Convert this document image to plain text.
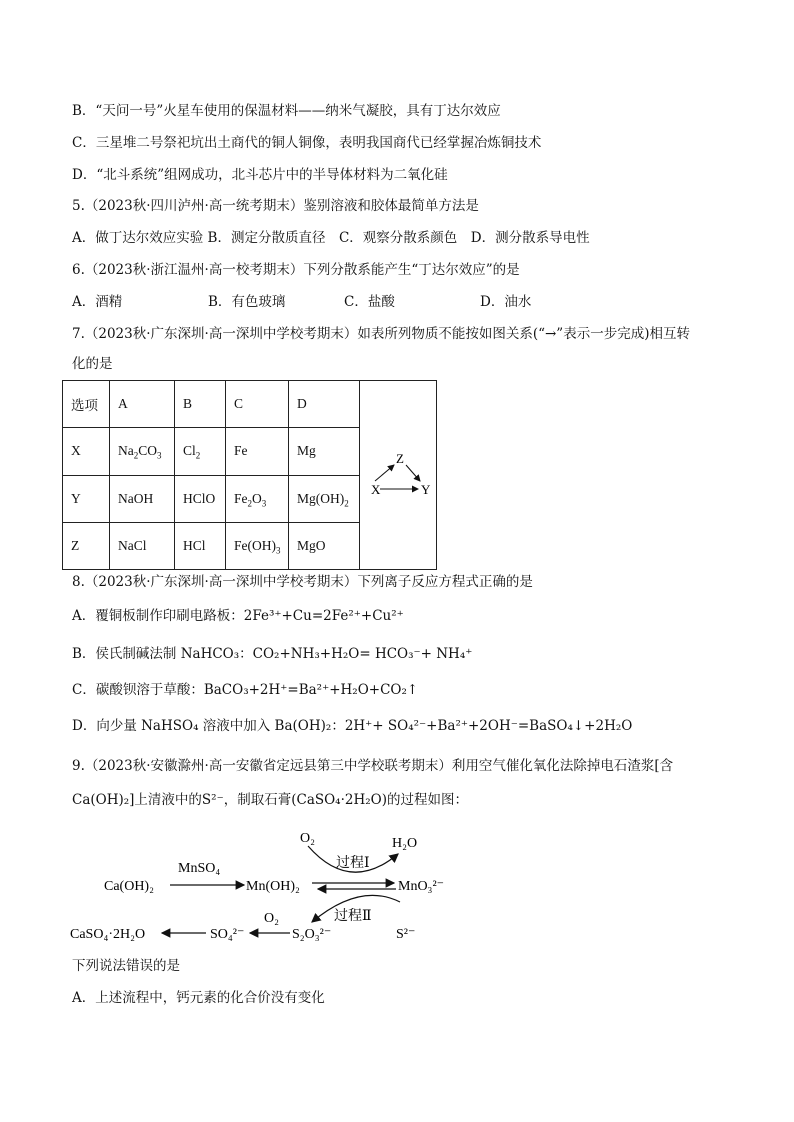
B．“天问一号”火星车使用的保温材料——纳米气凝胶，具有丁达尔效应
C．三星堆二号祭祀坑出土商代的铜人铜像，表明我国商代已经掌握冶炼铜技术
D．“北斗系统”组网成功，北斗芯片中的半导体材料为二氧化硅
5.（2023秋·四川泸州·高一统考期末）鉴别溶液和胶体最简单方法是
A．做丁达尔效应实验 B．测定分散质直径　C．观察分散系颜色　D．测分散系导电性
6.（2023秋·浙江温州·高一校考期末）下列分散系能产生“丁达尔效应”的是
A．酒精	B．有色玻璃	C．盐酸	D．油水
7.（2023秋·广东深圳·高一深圳中学校考期末）如表所列物质不能按如图关系(“→”表示一步完成)相互转
化的是
选项	A	B	C	D	Z
X Y

X	$Na_2CO_3$	$Cl_2$	Fe	Mg	
Y	NaOH	HClO	$Fe_2O_3$	$Mg(OH)_2$
Z	NaCl	HCl	$Fe(OH)_3$	MgO	
8.（2023秋·广东深圳·高一深圳中学校考期末）下列离子反应方程式正确的是
A．覆铜板制作印刷电路板：2Fe³⁺+Cu=2Fe²⁺+Cu²⁺
B．侯氏制碱法制 NaHCO₃：CO₂+NH₃+H₂O= HCO₃⁻+ NH₄⁺
C．碳酸钡溶于草酸：BaCO₃+2H⁺=Ba²⁺+H₂O+CO₂↑
D．向少量 NaHSO₄ 溶液中加入 Ba(OH)₂：2H⁺+ SO₄²⁻+Ba²⁺+2OH⁻=BaSO₄↓+2H₂O
9.（2023秋·安徽滁州·高一安徽省定远县第三中学校联考期末）利用空气催化氧化法除掉电石渣浆[含
Ca(OH)₂]上清液中的S²⁻，制取石膏(CaSO₄·2H₂O)的过程如图：
O₂	H₂O
过程Ⅰ
MnSO₄
Ca(OH)₂	Mn(OH)₂	MnO₃²⁻
过程Ⅱ
S²⁻
O₂
CaSO₄·2H₂O	SO₄²⁻	S₂O₃²⁻
下列说法错误的是
A．上述流程中，钙元素的化合价没有变化
